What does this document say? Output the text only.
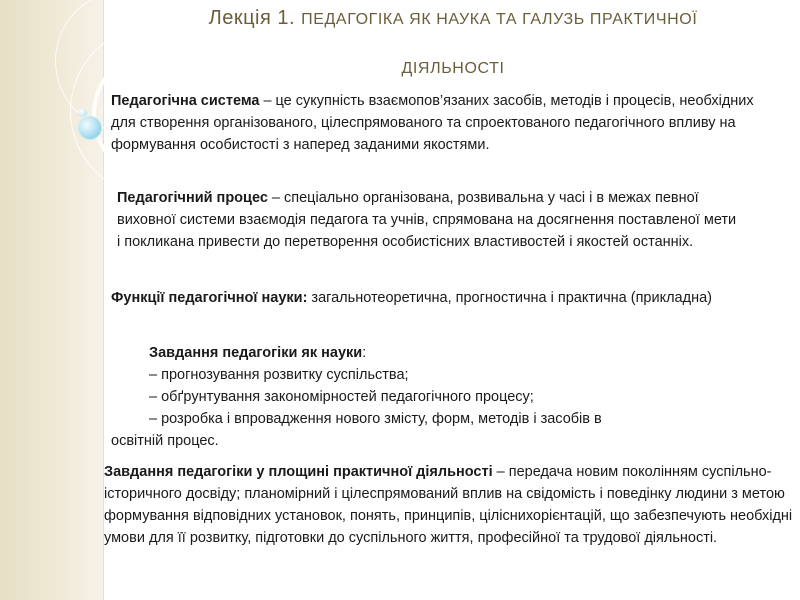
Лекція 1. ПЕДАГОГІКА ЯК НАУКА ТА ГАЛУЗЬ ПРАКТИЧНОЇ
ДІЯЛЬНОСТІ
Педагогічна система – це сукупність взаємопов’язаних засобів, методів і процесів, необхідних для створення організованого, цілеспрямованого та спроектованого педагогічного впливу на формування особистості з наперед заданими якостями.
Педагогічний процес – спеціально організована, розвивальна у часі і в межах певної виховної системи взаємодія педагога та учнів, спрямована на досягнення поставленої мети і покликана привести до перетворення особистісних властивостей і якостей останніх.
Функції педагогічної науки: загальнотеоретична, прогностична і практична (прикладна)
Завдання педагогіки як науки:
– прогнозування розвитку суспільства;
– обґрунтування закономірностей педагогічного процесу;
– розробка і впровадження нового змісту, форм, методів і засобів в
освітній процес.
Завдання педагогіки у площині практичної діяльності – передача новим поколінням суспільно-історичного досвіду; планомірний і цілеспрямований вплив на свідомість і поведінку людини з метою формування відповідних установок, понять, принципів, ціліснихорієнтацій, що забезпечують необхідні умови для її розвитку, підготовки до суспільного життя, професійної та трудової діяльності.
